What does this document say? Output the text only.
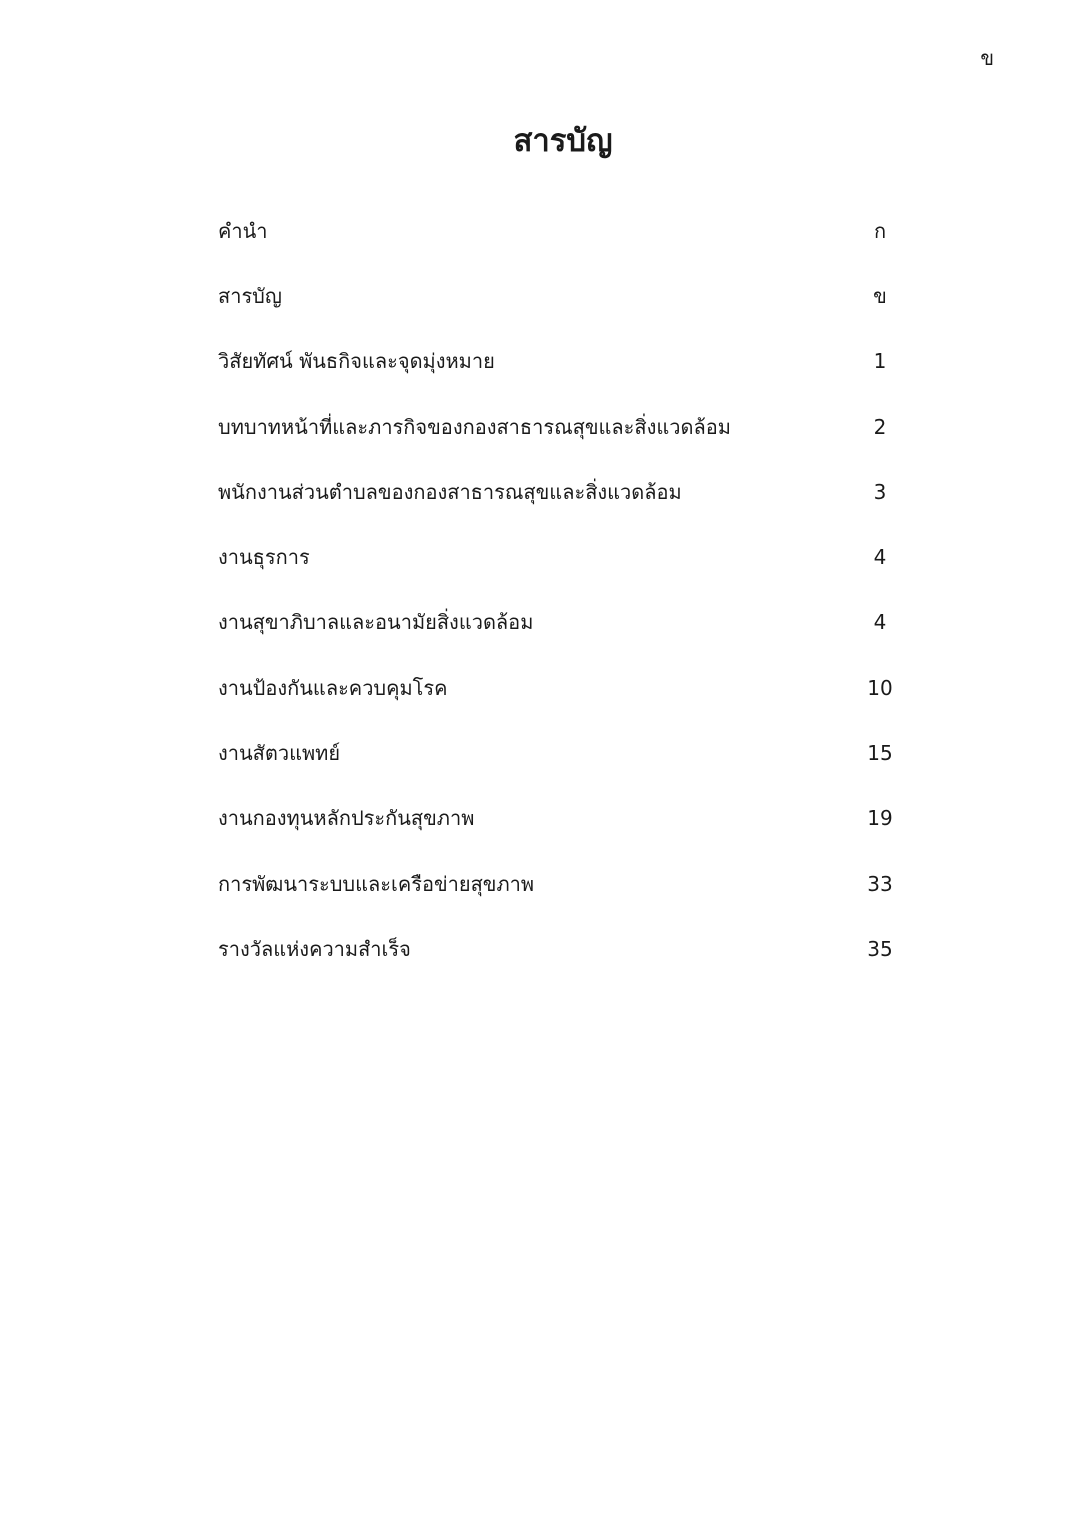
ข
สารบัญ
คำนำ	ก
สารบัญ	ข
วิสัยทัศน์ พันธกิจและจุดมุ่งหมาย	1
บทบาทหน้าที่และภารกิจของกองสาธารณสุขและสิ่งแวดล้อม	2
พนักงานส่วนตำบลของกองสาธารณสุขและสิ่งแวดล้อม	3
งานธุรการ	4
งานสุขาภิบาลและอนามัยสิ่งแวดล้อม	4
งานป้องกันและควบคุมโรค	10
งานสัตวแพทย์	15
งานกองทุนหลักประกันสุขภาพ	19
การพัฒนาระบบและเครือข่ายสุขภาพ	33
รางวัลแห่งความสำเร็จ	35
